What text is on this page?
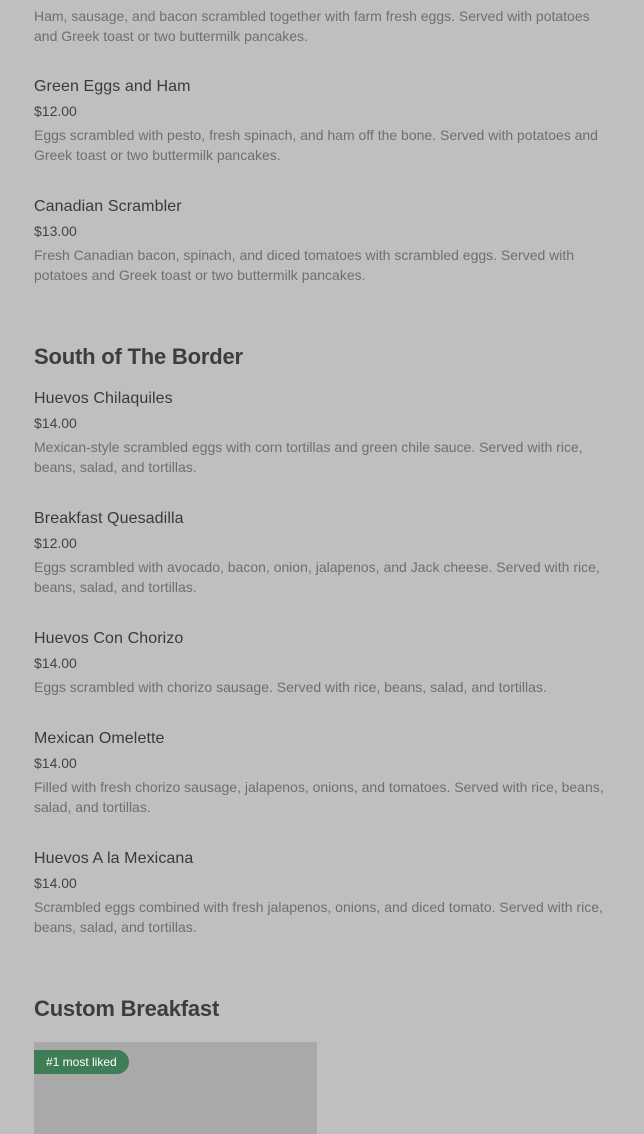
Ham, sausage, and bacon scrambled together with farm fresh eggs. Served with potatoes and Greek toast or two buttermilk pancakes.
Green Eggs and Ham
$12.00
Eggs scrambled with pesto, fresh spinach, and ham off the bone. Served with potatoes and Greek toast or two buttermilk pancakes.
Canadian Scrambler
$13.00
Fresh Canadian bacon, spinach, and diced tomatoes with scrambled eggs. Served with potatoes and Greek toast or two buttermilk pancakes.
South of The Border
Huevos Chilaquiles
$14.00
Mexican-style scrambled eggs with corn tortillas and green chile sauce. Served with rice, beans, salad, and tortillas.
Breakfast Quesadilla
$12.00
Eggs scrambled with avocado, bacon, onion, jalapenos, and Jack cheese. Served with rice, beans, salad, and tortillas.
Huevos Con Chorizo
$14.00
Eggs scrambled with chorizo sausage. Served with rice, beans, salad, and tortillas.
Mexican Omelette
$14.00
Filled with fresh chorizo sausage, jalapenos, onions, and tomatoes. Served with rice, beans, salad, and tortillas.
Huevos A la Mexicana
$14.00
Scrambled eggs combined with fresh jalapenos, onions, and diced tomato. Served with rice, beans, salad, and tortillas.
Custom Breakfast
#1 most liked
